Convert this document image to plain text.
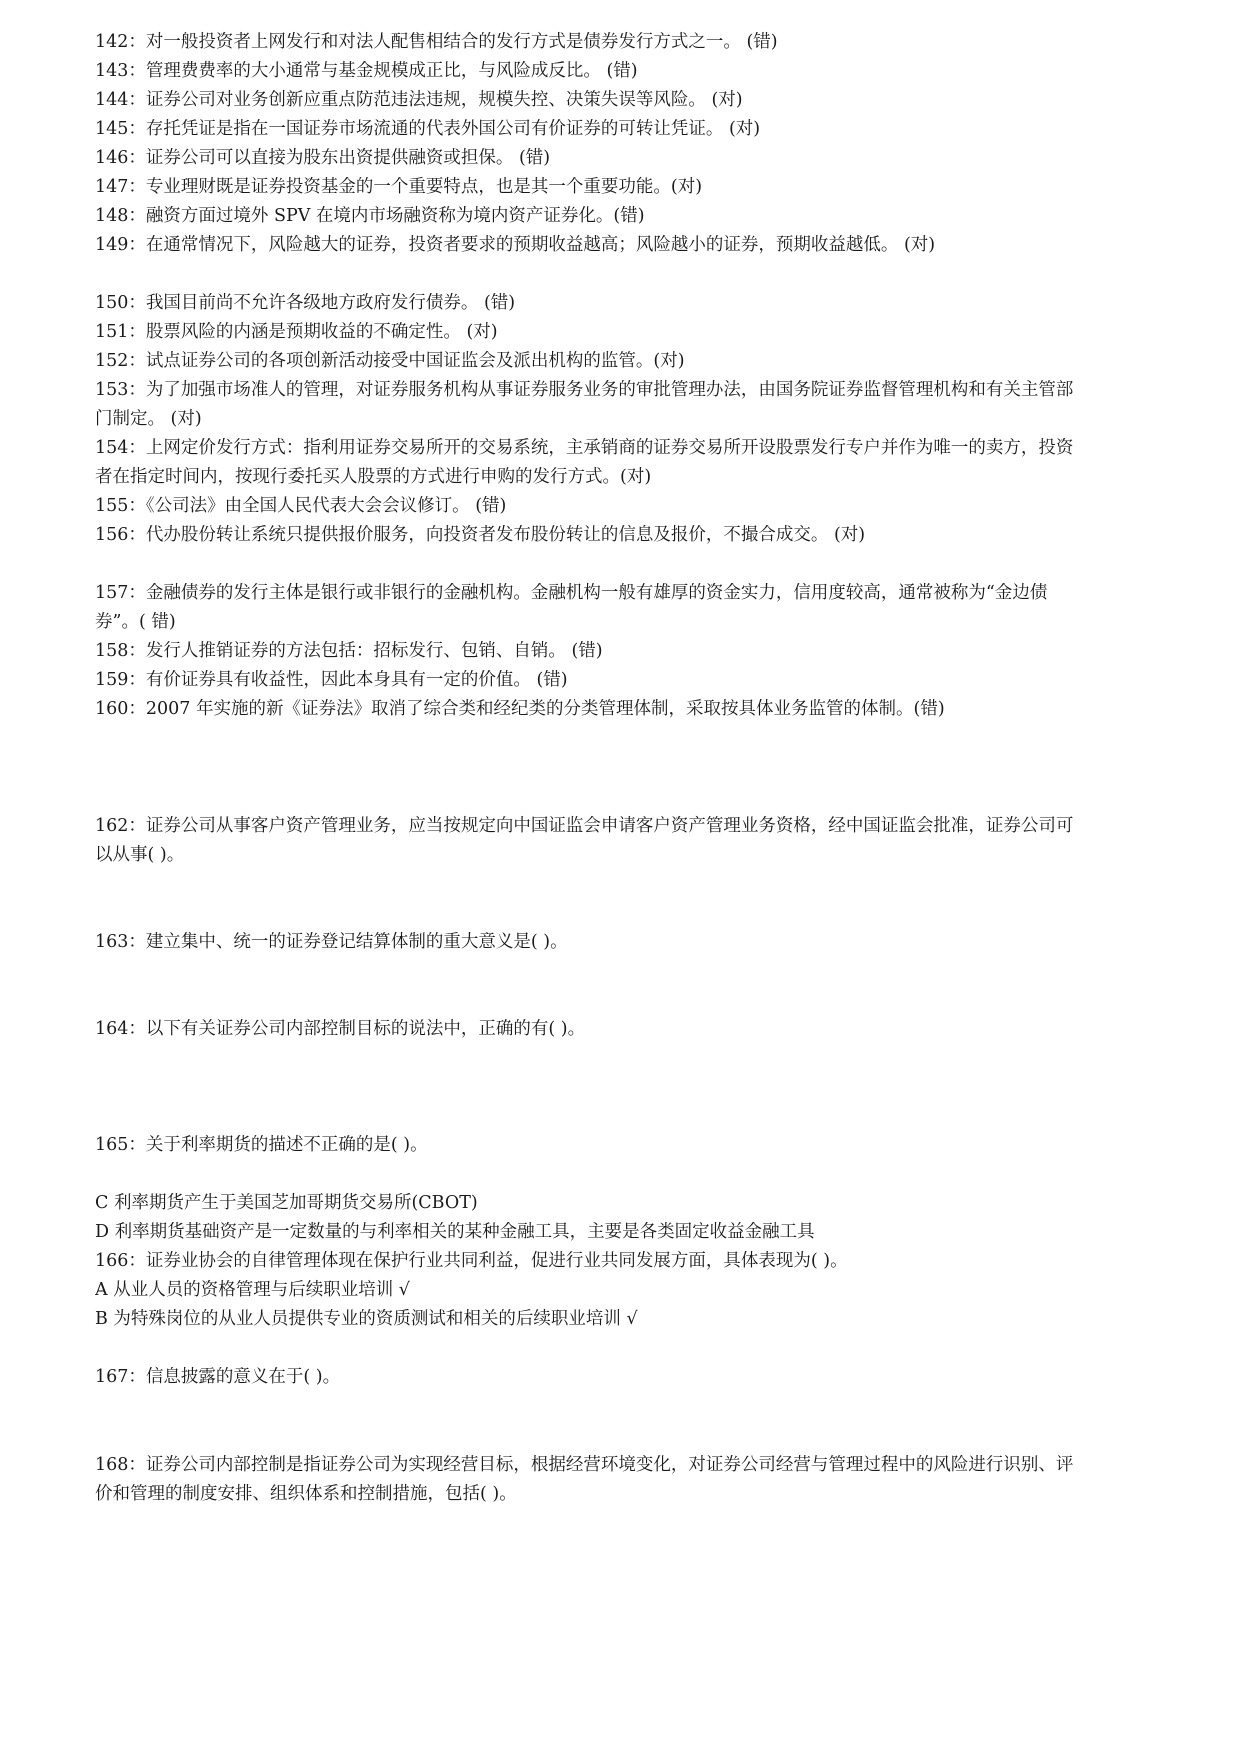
142：对一般投资者上网发行和对法人配售相结合的发行方式是债券发行方式之一。 (错)
143：管理费费率的大小通常与基金规模成正比，与风险成反比。 (错)
144：证券公司对业务创新应重点防范违法违规，规模失控、决策失误等风险。 (对)
145：存托凭证是指在一国证券市场流通的代表外国公司有价证券的可转让凭证。 (对)
146：证券公司可以直接为股东出资提供融资或担保。 (错)
147：专业理财既是证券投资基金的一个重要特点，也是其一个重要功能。(对)
148：融资方面过境外 SPV 在境内市场融资称为境内资产证券化。(错)
149：在通常情况下，风险越大的证券，投资者要求的预期收益越高；风险越小的证券，预期收益越低。 (对)
150：我国目前尚不允许各级地方政府发行债券。 (错)
151：股票风险的内涵是预期收益的不确定性。 (对)
152：试点证券公司的各项创新活动接受中国证监会及派出机构的监管。(对)
153：为了加强市场准人的管理，对证券服务机构从事证券服务业务的审批管理办法，由国务院证券监督管理机构和有关主管部
门制定。 (对)
154：上网定价发行方式：指利用证券交易所开的交易系统，主承销商的证券交易所开设股票发行专户并作为唯一的卖方，投资
者在指定时间内，按现行委托买人股票的方式进行申购的发行方式。(对)
155：《公司法》由全国人民代表大会会议修订。 (错)
156：代办股份转让系统只提供报价服务，向投资者发布股份转让的信息及报价，不撮合成交。 (对)
157：金融债券的发行主体是银行或非银行的金融机构。金融机构一般有雄厚的资金实力，信用度较高，通常被称为“金边债
券”。( 错)
158：发行人推销证券的方法包括：招标发行、包销、自销。 (错)
159：有价证券具有收益性，因此本身具有一定的价值。 (错)
160：2007 年实施的新《证券法》取消了综合类和经纪类的分类管理体制，采取按具体业务监管的体制。(错)
162：证券公司从事客户资产管理业务，应当按规定向中国证监会申请客户资产管理业务资格，经中国证监会批准，证券公司可
以从事( )。
163：建立集中、统一的证券登记结算体制的重大意义是( )。
164：以下有关证券公司内部控制目标的说法中，正确的有( )。
165：关于利率期货的描述不正确的是( )。
C 利率期货产生于美国芝加哥期货交易所(CBOT)
D 利率期货基础资产是一定数量的与利率相关的某种金融工具，主要是各类固定收益金融工具
166：证券业协会的自律管理体现在保护行业共同利益，促进行业共同发展方面，具体表现为( )。
A 从业人员的资格管理与后续职业培训 √
B 为特殊岗位的从业人员提供专业的资质测试和相关的后续职业培训 √
167：信息披露的意义在于( )。
168：证券公司内部控制是指证券公司为实现经营目标，根据经营环境变化，对证券公司经营与管理过程中的风险进行识别、评
价和管理的制度安排、组织体系和控制措施，包括( )。
